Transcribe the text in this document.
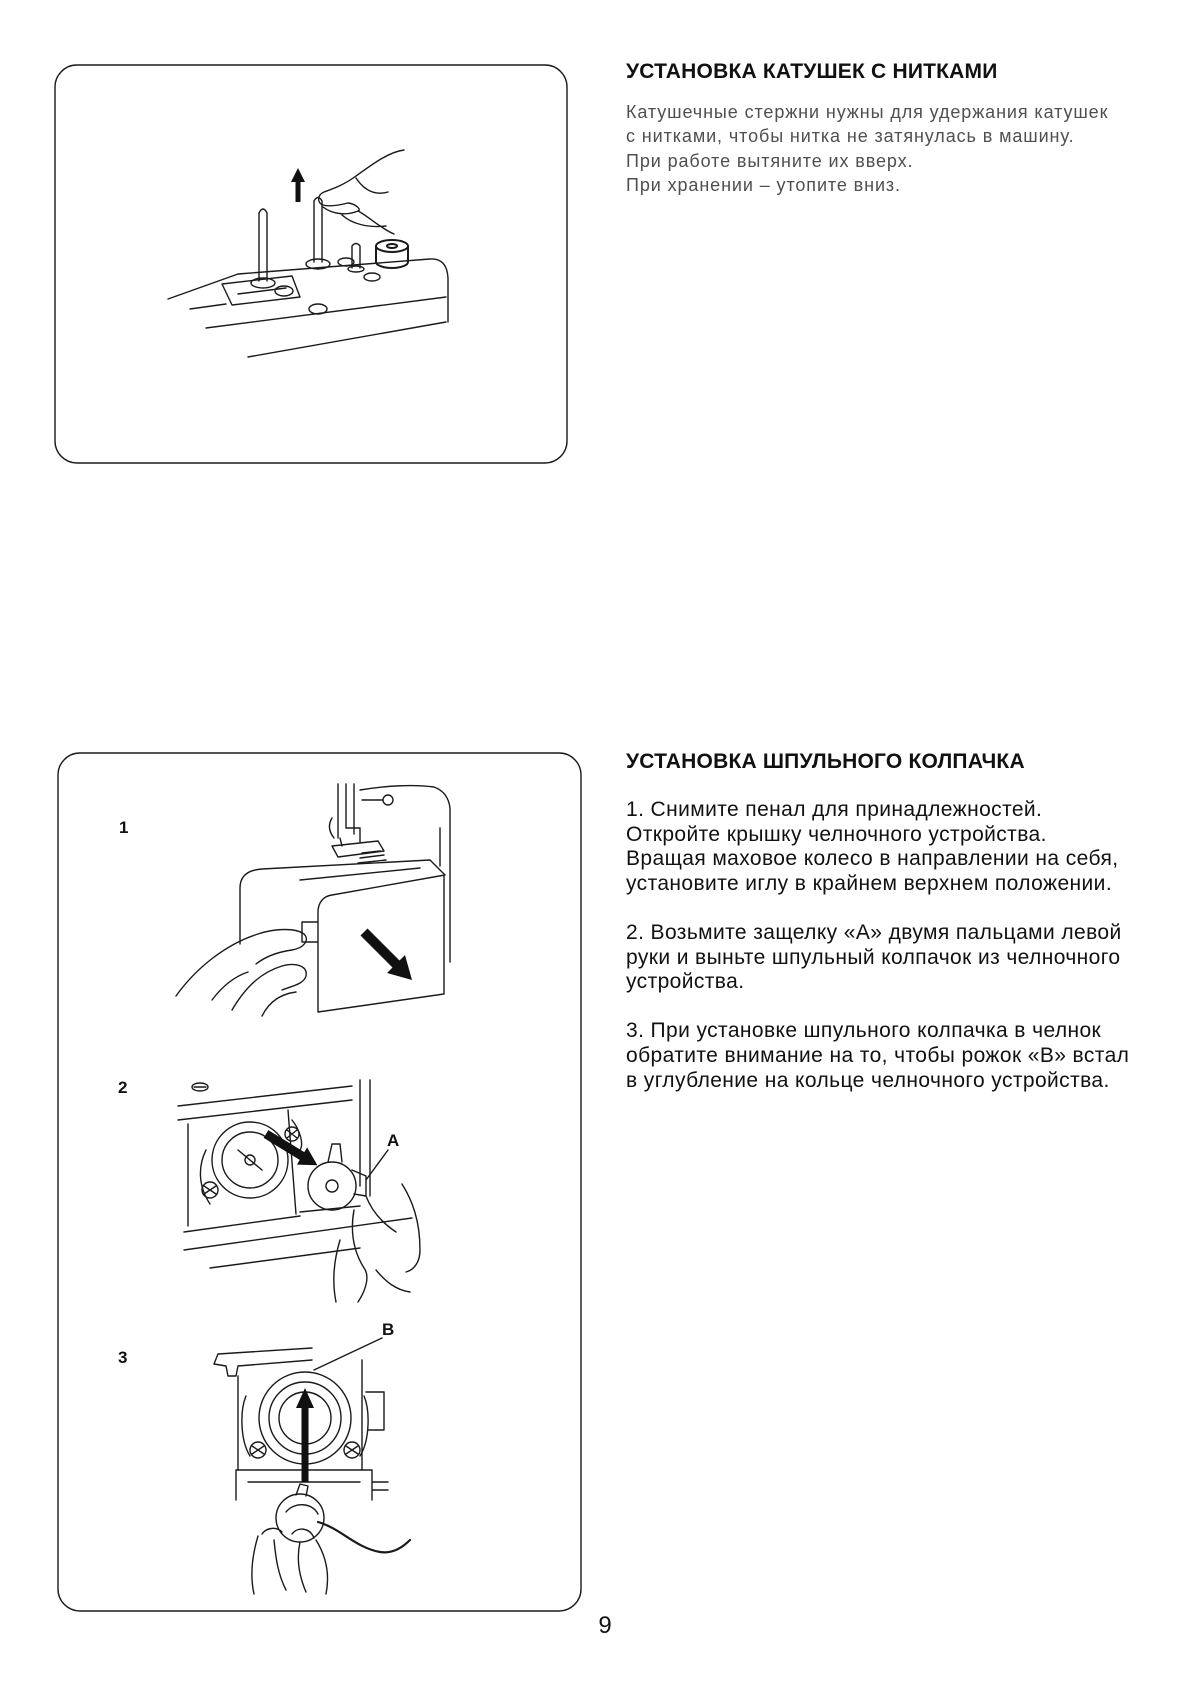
УСТАНОВКА КАТУШЕК С НИТКАМИ
Катушечные стержни нужны для удержания катушек
с нитками, чтобы нитка не затянулась в машину.
При работе вытяните их вверх.
При хранении – утопите вниз.
1
2
3
A
B
УСТАНОВКА ШПУЛЬНОГО КОЛПАЧКА
1. Снимите пенал для принадлежностей.
Откройте крышку челночного устройства.
Вращая маховое колесо в направлении на себя,
установите иглу в крайнем верхнем положении.
2. Возьмите защелку «A» двумя пальцами левой
руки и выньте шпульный колпачок из челночного
устройства.
3. При установке шпульного колпачка в челнок
обратите внимание на то, чтобы рожок «B» встал
в углубление на кольце челночного устройства.
9
